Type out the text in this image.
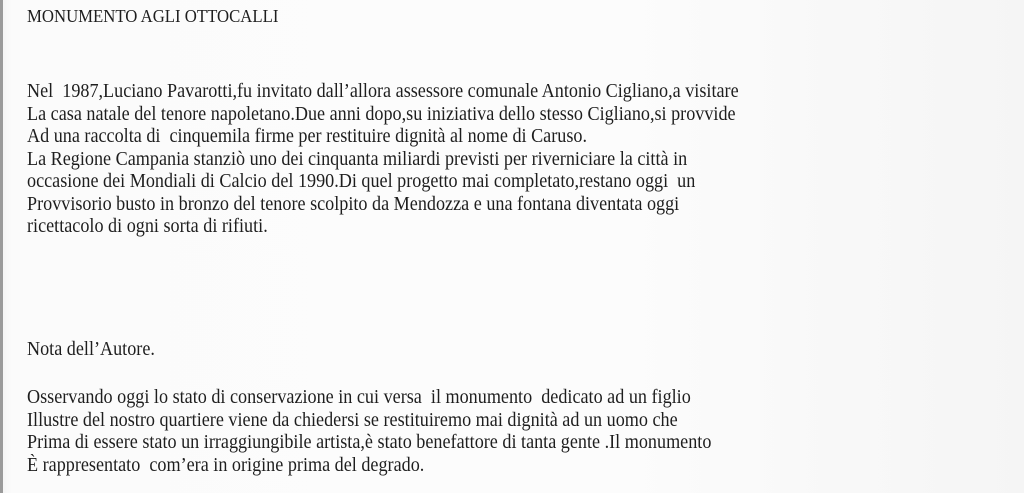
MONUMENTO AGLI OTTOCALLI
Nel  1987,Luciano Pavarotti,fu invitato dall’allora assessore comunale Antonio Cigliano,a visitare
La casa natale del tenore napoletano.Due anni dopo,su iniziativa dello stesso Cigliano,si provvide
Ad una raccolta di  cinquemila firme per restituire dignità al nome di Caruso.
La Regione Campania stanziò uno dei cinquanta miliardi previsti per riverniciare la città in
occasione dei Mondiali di Calcio del 1990.Di quel progetto mai completato,restano oggi  un
Provvisorio busto in bronzo del tenore scolpito da Mendozza e una fontana diventata oggi
ricettacolo di ogni sorta di rifiuti.
Nota dell’Autore.
Osservando oggi lo stato di conservazione in cui versa  il monumento  dedicato ad un figlio
Illustre del nostro quartiere viene da chiedersi se restituiremo mai dignità ad un uomo che
Prima di essere stato un irraggiungibile artista,è stato benefattore di tanta gente .Il monumento
È rappresentato  com’era in origine prima del degrado.
